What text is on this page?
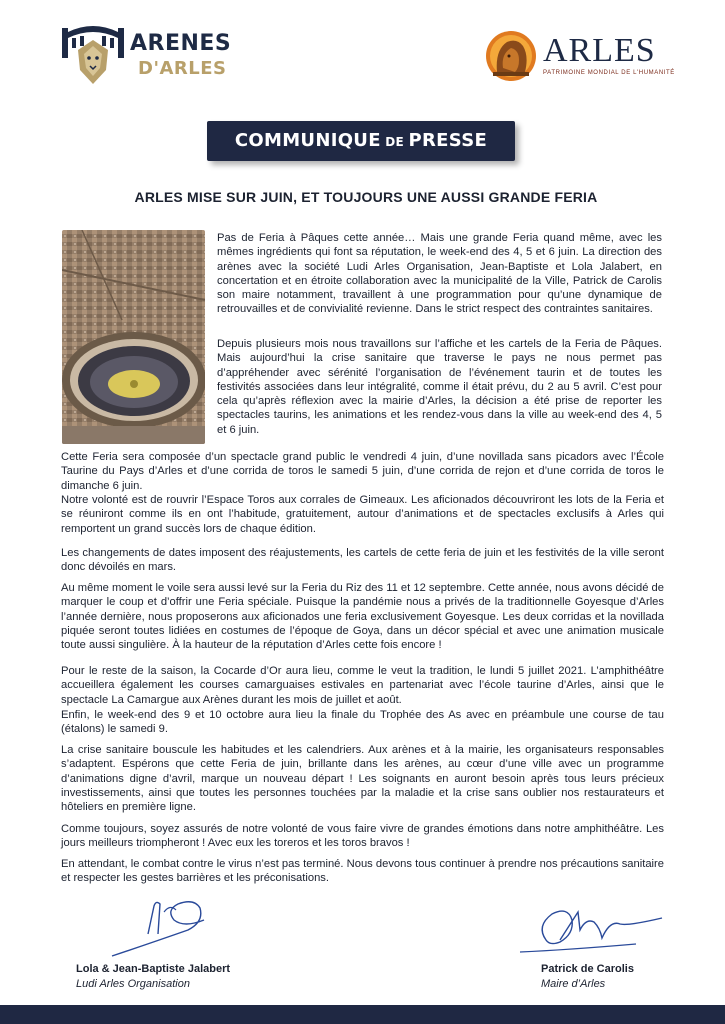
ARENES
D'ARLES	ARLES
PATRIMOINE MONDIAL DE L'HUMANITÉ
COMMUNIQUE DE PRESSE
ARLES MISE SUR JUIN, ET TOUJOURS UNE AUSSI GRANDE FERIA
Pas de Feria à Pâques cette année… Mais une grande Feria quand même, avec les mêmes ingrédients qui font sa réputation, le week-end des 4, 5 et 6 juin. La direction des arènes avec la société Ludi Arles Organisation, Jean-Baptiste et Lola Jalabert, en concertation et en étroite collaboration avec la municipalité de la Ville, Patrick de Carolis son maire notamment, travaillent à une programmation pour qu’une dynamique de retrouvailles et de convivialité revienne. Dans le strict respect des contraintes sanitaires.
Depuis plusieurs mois nous travaillons sur l’affiche et les cartels de la Feria de Pâques. Mais aujourd’hui la crise sanitaire que traverse le pays ne nous permet pas d’appréhender avec sérénité l’organisation de l’événement taurin et de toutes les festivités associées dans leur intégralité, comme il était prévu, du 2 au 5 avril. C’est pour cela qu’après réflexion avec la mairie d’Arles, la décision a été prise de reporter les spectacles taurins, les animations et les rendez-vous dans la ville au week-end des 4, 5 et 6 juin.
Cette Feria sera composée d’un spectacle grand public le vendredi 4 juin, d’une novillada sans picadors avec l’École Taurine du Pays d’Arles et d’une corrida de toros le samedi 5 juin, d’une corrida de rejon et d’une corrida de toros le dimanche 6 juin.
Notre volonté est de rouvrir l’Espace Toros aux corrales de Gimeaux. Les aficionados découvriront les lots de la Feria et se réuniront comme ils en ont l’habitude, gratuitement, autour d’animations et de spectacles exclusifs à Arles qui remportent un grand succès lors de chaque édition.
Les changements de dates imposent des réajustements, les cartels de cette feria de juin et les festivités de la ville seront donc dévoilés en mars.
Au même moment le voile sera aussi levé sur la Feria du Riz des 11 et 12 septembre. Cette année, nous avons décidé de marquer le coup et d’offrir une Feria spéciale. Puisque la pandémie nous a privés de la traditionnelle Goyesque d’Arles l’année dernière, nous proposerons aux aficionados une feria exclusivement Goyesque. Les deux corridas et la novillada piquée seront toutes lidiées en costumes de l’époque de Goya, dans un décor spécial et avec une animation musicale toute aussi singulière. À la hauteur de la réputation d’Arles cette fois encore !
Pour le reste de la saison, la Cocarde d’Or aura lieu, comme le veut la tradition, le lundi 5 juillet 2021. L’amphithéâtre accueillera également les courses camarguaises estivales en partenariat avec l’école taurine d’Arles, ainsi que le spectacle La Camargue aux Arènes durant les mois de juillet et août.
Enfin, le week-end des 9 et 10 octobre aura lieu la finale du Trophée des As avec en préambule une course de tau (étalons) le samedi 9.
La crise sanitaire bouscule les habitudes et les calendriers. Aux arènes et à la mairie, les organisateurs responsables s’adaptent. Espérons que cette Feria de juin, brillante dans les arènes, au cœur d’une ville avec un programme d’animations digne d’avril, marque un nouveau départ ! Les soignants en auront besoin après tous leurs précieux investissements, ainsi que toutes les personnes touchées par la maladie et la crise sans oublier nos restaurateurs et hôteliers en première ligne.
Comme toujours, soyez assurés de notre volonté de vous faire vivre de grandes émotions dans notre amphithéâtre. Les jours meilleurs triompheront ! Avec eux les toreros et les toros bravos !
En attendant, le combat contre le virus n’est pas terminé. Nous devons tous continuer à prendre nos précautions sanitaire et respecter les gestes barrières et les préconisations.
Lola & Jean-Baptiste Jalabert
Ludi Arles Organisation
Patrick de Carolis
Maire d’Arles
